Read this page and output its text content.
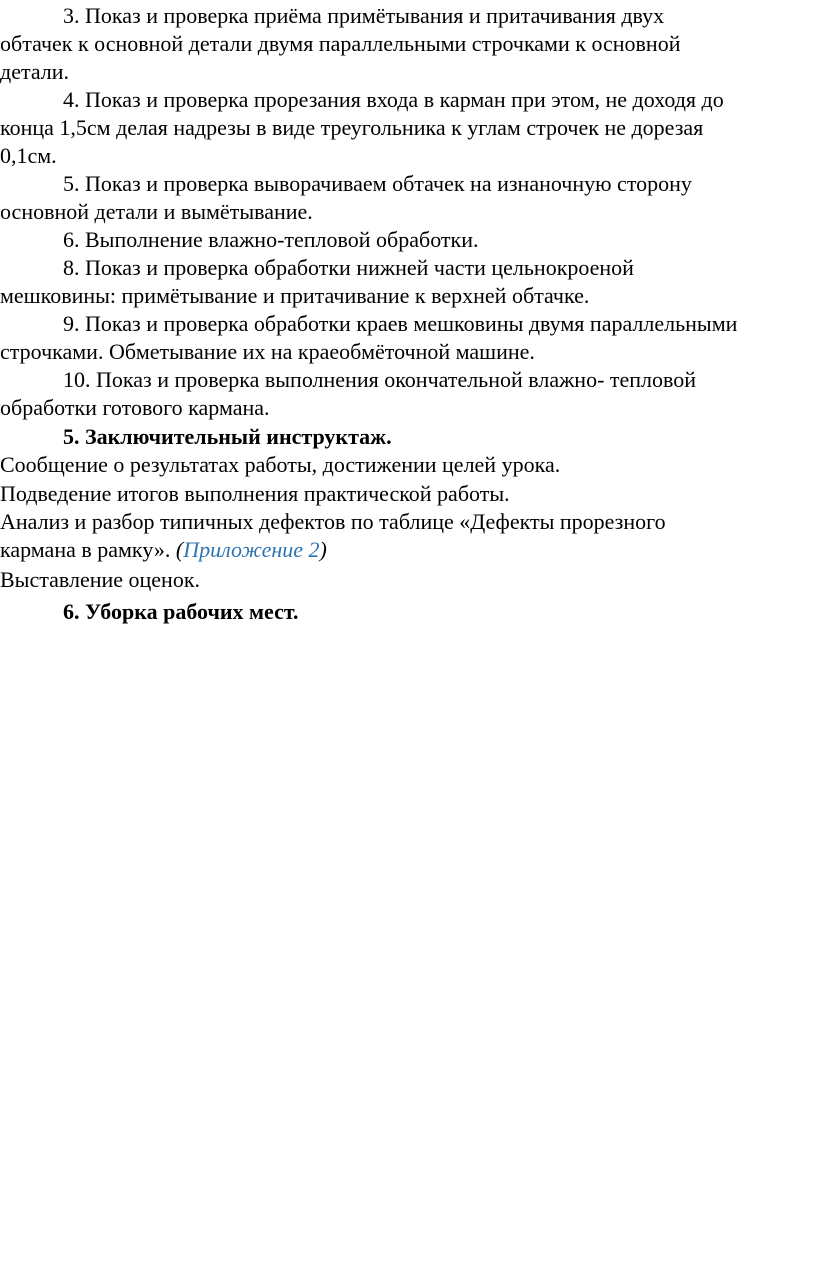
3. Показ и проверка приёма примётывания и притачивания двух
обтачек к основной детали двумя параллельными строчками к основной
детали.
4. Показ и проверка прорезания входа в карман при этом, не доходя до
конца 1,5см делая надрезы в виде треугольника к углам строчек не дорезая
0,1см.
5. Показ и проверка выворачиваем обтачек на изнаночную сторону
основной детали и вымётывание.
6. Выполнение влажно-тепловой обработки.
8. Показ и проверка обработки нижней части цельнокроеной
мешковины: примётывание и притачивание к верхней обтачке.
9. Показ и проверка обработки краев мешковины двумя параллельными
строчками. Обметывание их на краеобмёточной машине.
10. Показ и проверка выполнения окончательной влажно- тепловой
обработки готового кармана.
5. Заключительный инструктаж.
Сообщение о результатах работы, достижении целей урока.
Подведение итогов выполнения практической работы.
Анализ и разбор типичных дефектов по таблице «Дефекты прорезного
кармана в рамку». (Приложение 2)
Выставление оценок.
6. Уборка рабочих мест.
